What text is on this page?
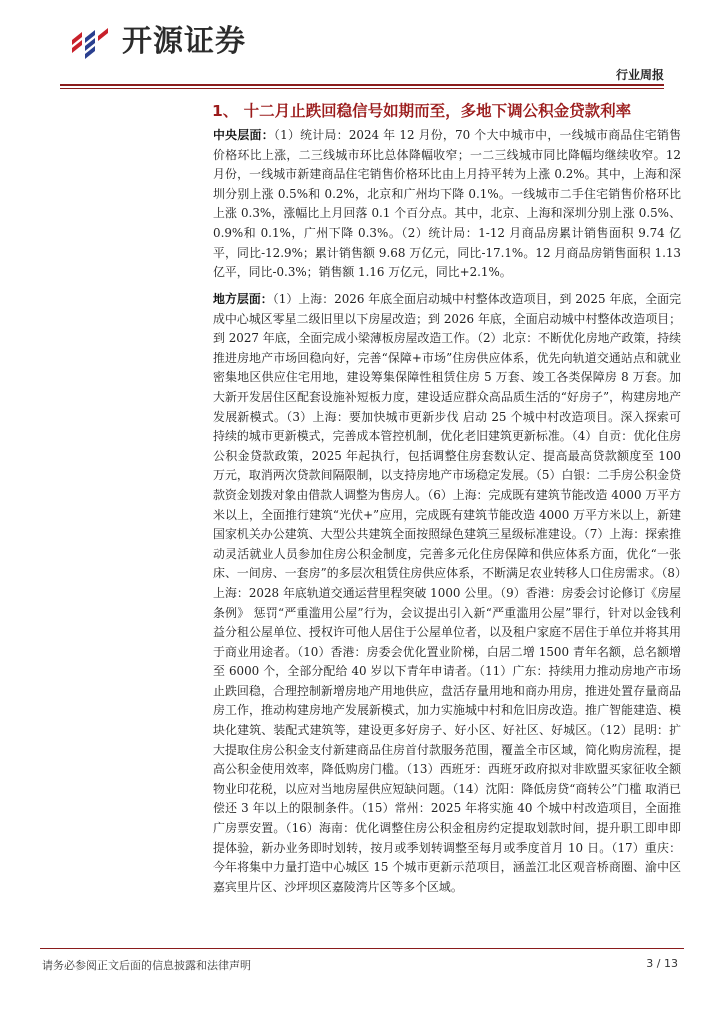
开源证券
行业周报
1、 十二月止跌回稳信号如期而至，多地下调公积金贷款利率

中央层面：（1）统计局：2024 年 12 月份，70 个大中城市中，一线城市商品住宅销售价格环比上涨，二三线城市环比总体降幅收窄；一二三线城市同比降幅均继续收窄。12 月份，一线城市新建商品住宅销售价格环比由上月持平转为上涨 0.2%。其中，上海和深圳分别上涨 0.5%和 0.2%，北京和广州均下降 0.1%。一线城市二手住宅销售价格环比上涨 0.3%，涨幅比上月回落 0.1 个百分点。其中，北京、上海和深圳分别上涨 0.5%、0.9%和 0.1%，广州下降 0.3%。（2）统计局：1-12 月商品房累计销售面积 9.74 亿平，同比-12.9%；累计销售额 9.68 万亿元，同比-17.1%。12 月商品房销售面积 1.13 亿平，同比-0.3%；销售额 1.16 万亿元，同比+2.1%。

地方层面：（1）上海：2026 年底全面启动城中村整体改造项目，到 2025 年底，全面完成中心城区零星二级旧里以下房屋改造；到 2026 年底，全面启动城中村整体改造项目；到 2027 年底，全面完成小梁薄板房屋改造工作。（2）北京：不断优化房地产政策，持续推进房地产市场回稳向好，完善“保障+市场”住房供应体系，优先向轨道交通站点和就业密集地区供应住宅用地，建设筹集保障性租赁住房 5 万套、竣工各类保障房 8 万套。加大新开发居住区配套设施补短板力度，建设适应群众高品质生活的“好房子”，构建房地产发展新模式。（3）上海：要加快城市更新步伐 启动 25 个城中村改造项目。深入探索可持续的城市更新模式，完善成本管控机制，优化老旧建筑更新标准。（4）自贡：优化住房公积金贷款政策，2025 年起执行，包括调整住房套数认定、提高最高贷款额度至 100 万元，取消两次贷款间隔限制，以支持房地产市场稳定发展。（5）白银：二手房公积金贷款资金划拨对象由借款人调整为售房人。（6）上海：完成既有建筑节能改造 4000 万平方米以上，全面推行建筑“光伏+”应用，完成既有建筑节能改造 4000 万平方米以上，新建国家机关办公建筑、大型公共建筑全面按照绿色建筑三星级标准建设。（7）上海：探索推动灵活就业人员参加住房公积金制度，完善多元化住房保障和供应体系方面，优化“一张床、一间房、一套房”的多层次租赁住房供应体系，不断满足农业转移人口住房需求。（8）上海：2028 年底轨道交通运营里程突破 1000 公里。（9）香港：房委会讨论修订《房屋条例》 惩罚“严重滥用公屋”行为，会议提出引入新“严重滥用公屋”罪行，针对以金钱利益分租公屋单位、授权许可他人居住于公屋单位者，以及租户家庭不居住于单位并将其用于商业用途者。（10）香港：房委会优化置业阶梯，白居二增 1500 青年名额，总名额增至 6000 个，全部分配给 40 岁以下青年申请者。（11）广东：持续用力推动房地产市场止跌回稳，合理控制新增房地产用地供应，盘活存量用地和商办用房，推进处置存量商品房工作，推动构建房地产发展新模式，加力实施城中村和危旧房改造。推广智能建造、模块化建筑、装配式建筑等，建设更多好房子、好小区、好社区、好城区。（12）昆明：扩大提取住房公积金支付新建商品住房首付款服务范围，覆盖全市区域，简化购房流程，提高公积金使用效率，降低购房门槛。（13）西班牙：西班牙政府拟对非欧盟买家征收全额物业印花税，以应对当地房屋供应短缺问题。（14）沈阳：降低房贷“商转公”门槛 取消已偿还 3 年以上的限制条件。（15）常州：2025 年将实施 40 个城中村改造项目，全面推广房票安置。（16）海南：优化调整住房公积金租房约定提取划款时间，提升职工即申即提体验，新办业务即时划转，按月或季划转调整至每月或季度首月 10 日。（17）重庆：今年将集中力量打造中心城区 15 个城市更新示范项目，涵盖江北区观音桥商圈、渝中区嘉宾里片区、沙坪坝区嘉陵湾片区等多个区域。

请务必参阅正文后面的信息披露和法律声明	3 / 13
